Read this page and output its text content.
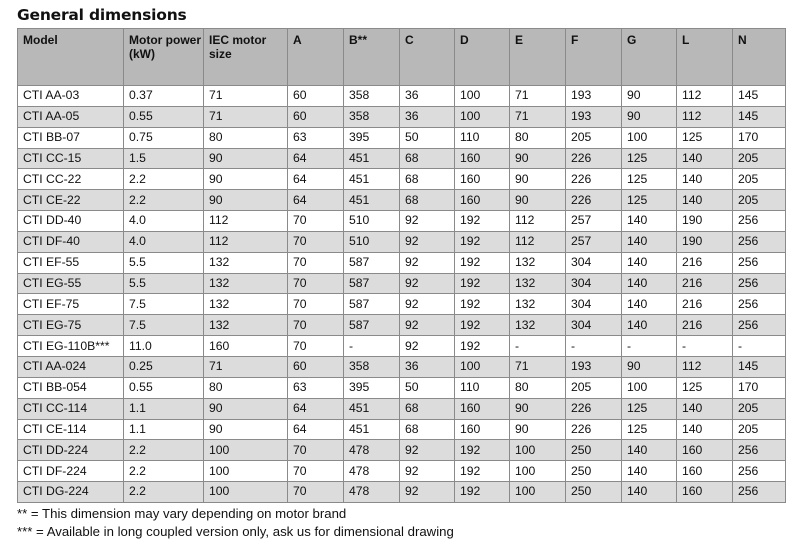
General dimensions
Model	Motor power (kW)	IEC motor size	A	B**	C	D	E	F	G	L	N
CTI AA-03	0.37	71	60	358	36	100	71	193	90	112	145
CTI AA-05	0.55	71	60	358	36	100	71	193	90	112	145
CTI BB-07	0.75	80	63	395	50	110	80	205	100	125	170
CTI CC-15	1.5	90	64	451	68	160	90	226	125	140	205
CTI CC-22	2.2	90	64	451	68	160	90	226	125	140	205
CTI CE-22	2.2	90	64	451	68	160	90	226	125	140	205
CTI DD-40	4.0	112	70	510	92	192	112	257	140	190	256
CTI DF-40	4.0	112	70	510	92	192	112	257	140	190	256
CTI EF-55	5.5	132	70	587	92	192	132	304	140	216	256
CTI EG-55	5.5	132	70	587	92	192	132	304	140	216	256
CTI EF-75	7.5	132	70	587	92	192	132	304	140	216	256
CTI EG-75	7.5	132	70	587	92	192	132	304	140	216	256
CTI EG-110B***	11.0	160	70	-	92	192	-	-	-	-	-
CTI AA-024	0.25	71	60	358	36	100	71	193	90	112	145
CTI BB-054	0.55	80	63	395	50	110	80	205	100	125	170
CTI CC-114	1.1	90	64	451	68	160	90	226	125	140	205
CTI CE-114	1.1	90	64	451	68	160	90	226	125	140	205
CTI DD-224	2.2	100	70	478	92	192	100	250	140	160	256
CTI DF-224	2.2	100	70	478	92	192	100	250	140	160	256
CTI DG-224	2.2	100	70	478	92	192	100	250	140	160	256
** = This dimension may vary depending on motor brand
*** = Available in long coupled version only, ask us for dimensional drawing
